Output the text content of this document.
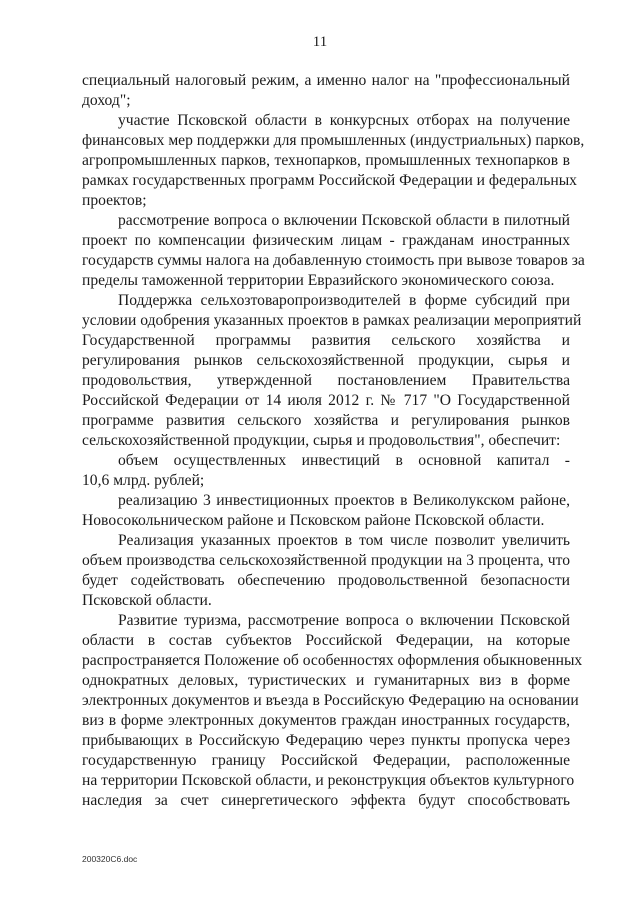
11
специальный налоговый режим, а именно налог на "профессиональный
доход";
участие Псковской области в конкурсных отборах на получение
финансовых мер поддержки для промышленных (индустриальных) парков,
агропромышленных парков, технопарков, промышленных технопарков в
рамках государственных программ Российской Федерации и федеральных
проектов;
рассмотрение вопроса о включении Псковской области в пилотный
проект по компенсации физическим лицам - гражданам иностранных
государств суммы налога на добавленную стоимость при вывозе товаров за
пределы таможенной территории Евразийского экономического союза.
Поддержка сельхозтоваропроизводителей в форме субсидий при
условии одобрения указанных проектов в рамках реализации мероприятий
Государственной программы развития сельского хозяйства и
регулирования рынков сельскохозяйственной продукции, сырья и
продовольствия, утвержденной постановлением Правительства
Российской Федерации от 14 июля 2012 г. № 717 "О Государственной
программе развития сельского хозяйства и регулирования рынков
сельскохозяйственной продукции, сырья и продовольствия", обеспечит:
объем осуществленных инвестиций в основной капитал -
10,6 млрд. рублей;
реализацию 3 инвестиционных проектов в Великолукском районе,
Новосокольническом районе и Псковском районе Псковской области.
Реализация указанных проектов в том числе позволит увеличить
объем производства сельскохозяйственной продукции на 3 процента, что
будет содействовать обеспечению продовольственной безопасности
Псковской области.
Развитие туризма, рассмотрение вопроса о включении Псковской
области в состав субъектов Российской Федерации, на которые
распространяется Положение об особенностях оформления обыкновенных
однократных деловых, туристических и гуманитарных виз в форме
электронных документов и въезда в Российскую Федерацию на основании
виз в форме электронных документов граждан иностранных государств,
прибывающих в Российскую Федерацию через пункты пропуска через
государственную границу Российской Федерации, расположенные
на территории Псковской области, и реконструкция объектов культурного
наследия за счет синергетического эффекта будут способствовать
200320C6.doc
